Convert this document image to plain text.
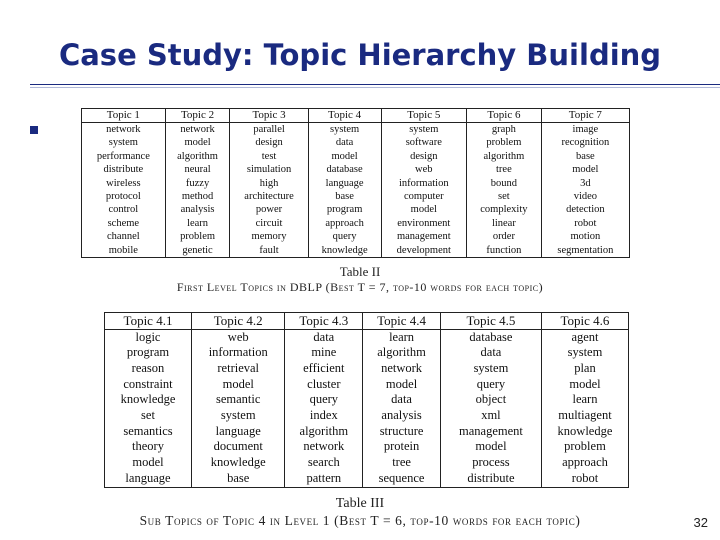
Case Study: Topic Hierarchy Building
Topic 1	Topic 2	Topic 3	Topic 4	Topic 5	Topic 6	Topic 7
network	network	parallel	system	system	graph	image
system	model	design	data	software	problem	recognition
performance	algorithm	test	model	design	algorithm	base
distribute	neural	simulation	database	web	tree	model
wireless	fuzzy	high	language	information	bound	3d
protocol	method	architecture	base	computer	set	video
control	analysis	power	program	model	complexity	detection
scheme	learn	circuit	approach	environment	linear	robot
channel	problem	memory	query	management	order	motion
mobile	genetic	fault	knowledge	development	function	segmentation
Table II
First Level Topics in DBLP (Best T = 7, top-10 words for each topic)
Topic 4.1	Topic 4.2	Topic 4.3	Topic 4.4	Topic 4.5	Topic 4.6
logic	web	data	learn	database	agent
program	information	mine	algorithm	data	system
reason	retrieval	efficient	network	system	plan
constraint	model	cluster	model	query	model
knowledge	semantic	query	data	object	learn
set	system	index	analysis	xml	multiagent
semantics	language	algorithm	structure	management	knowledge
theory	document	network	protein	model	problem
model	knowledge	search	tree	process	approach
language	base	pattern	sequence	distribute	robot
Table III
Sub Topics of Topic 4 in Level 1 (Best T = 6, top-10 words for each topic)	32
